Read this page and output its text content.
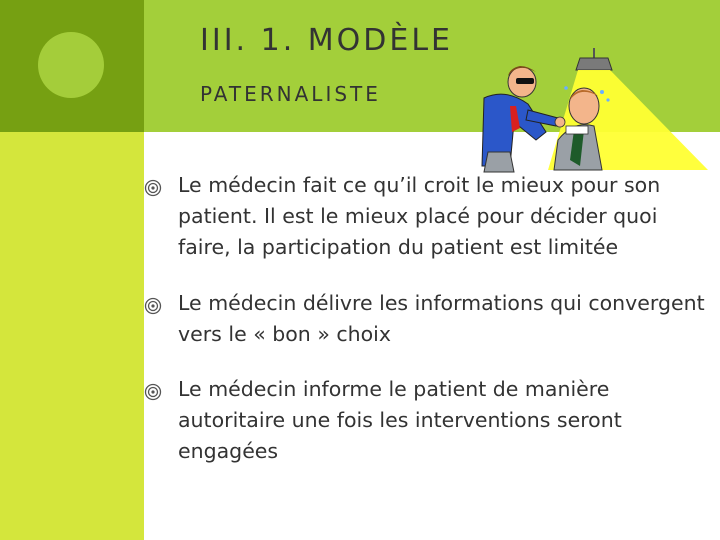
III. 1. MODÈLE
PATERNALISTE
Le médecin fait ce qu’il croit le mieux pour son patient. Il est le mieux placé pour décider quoi faire, la participation du patient est limitée
Le médecin délivre les informations qui convergent vers le « bon » choix
Le médecin informe le patient de manière autoritaire une fois les interventions seront engagées
